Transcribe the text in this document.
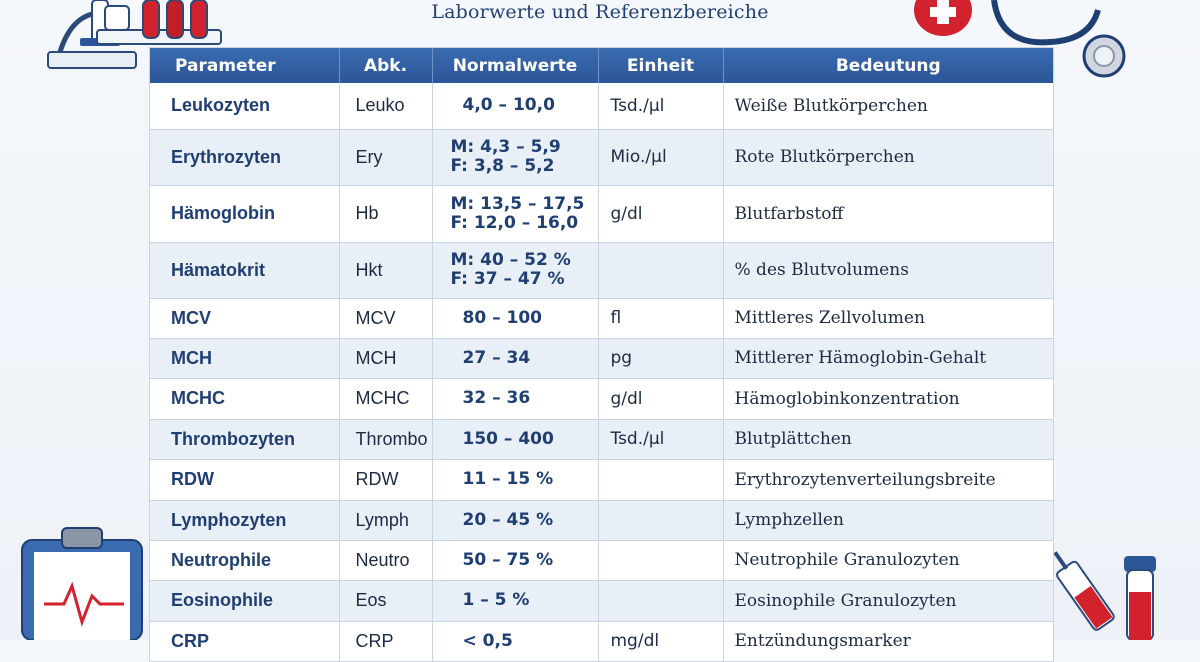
Laborwerte und Referenzbereiche
Parameter	Abk.	Normalwerte	Einheit	Bedeutung
Leukozyten	Leuko	4,0 – 10,0	Tsd./µl	Weiße Blutkörperchen
Erythrozyten	Ery	M: 4,3 – 5,9
F: 3,8 – 5,2	Mio./µl	Rote Blutkörperchen
Hämoglobin	Hb	M: 13,5 – 17,5
F: 12,0 – 16,0	g/dl	Blutfarbstoff
Hämatokrit	Hkt	M: 40 – 52 %
F: 37 – 47 %		% des Blutvolumens
MCV	MCV	80 – 100	fl	Mittleres Zellvolumen
MCH	MCH	27 – 34	pg	Mittlerer Hämoglobin-Gehalt
MCHC	MCHC	32 – 36	g/dl	Hämoglobinkonzentration
Thrombozyten	Thrombo	150 – 400	Tsd./µl	Blutplättchen
RDW	RDW	11 – 15 %		Erythrozytenverteilungsbreite
Lymphozyten	Lymph	20 – 45 %		Lymphzellen
Neutrophile	Neutro	50 – 75 %		Neutrophile Granulozyten
Eosinophile	Eos	1 – 5 %		Eosinophile Granulozyten
CRP	CRP	< 0,5	mg/dl	Entzündungsmarker
